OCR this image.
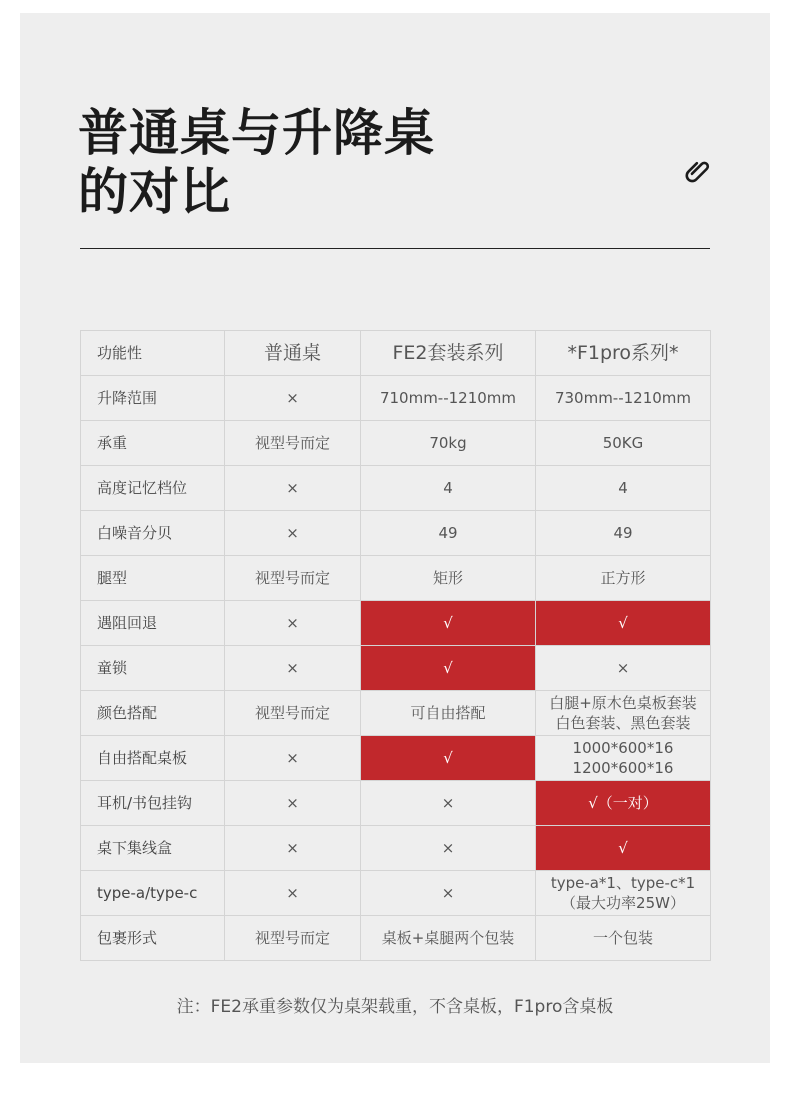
普通桌与升降桌
的对比
功能性	普通桌	FE2套装系列	*F1pro系列*
升降范围	×	710mm--1210mm	730mm--1210mm
承重	视型号而定	70kg	50KG
高度记忆档位	×	4	4
白噪音分贝	×	49	49
腿型	视型号而定	矩形	正方形
遇阻回退	×	√	√
童锁	×	√	×
颜色搭配	视型号而定	可自由搭配	白腿+原木色桌板套装
白色套装、黑色套装

自由搭配桌板	×	√	1000*600*16
1200*600*16

耳机/书包挂钩	×	×	√（一对）
桌下集线盒	×	×	√
type-a/type-c	×	×	type-a*1、type-c*1
（最大功率25W）

包裹形式	视型号而定	桌板+桌腿两个包装	一个包装

注：FE2承重参数仅为桌架载重，不含桌板，F1pro含桌板
